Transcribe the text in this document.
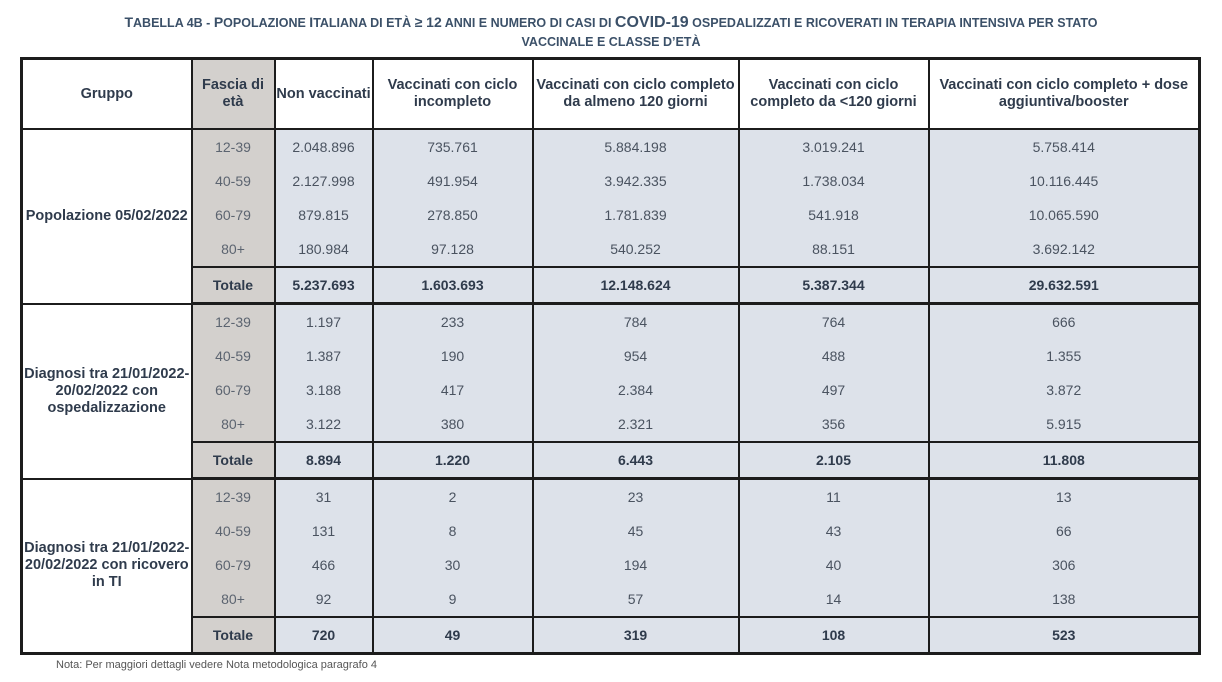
TABELLA 4B - POPOLAZIONE ITALIANA DI ETÀ ≥ 12 ANNI E NUMERO DI CASI DI COVID-19 OSPEDALIZZATI E RICOVERATI IN TERAPIA INTENSIVA PER STATO
VACCINALE E CLASSE D’ETÀ
Gruppo	Fascia di età	Non vaccinati	Vaccinati con ciclo incompleto	Vaccinati con ciclo completo da almeno 120 giorni	Vaccinati con ciclo completo da <120 giorni	Vaccinati con ciclo completo + dose aggiuntiva/booster
Popolazione 05/02/2022	12-39	2.048.896	735.761	5.884.198	3.019.241	5.758.414
	40-59	2.127.998	491.954	3.942.335	1.738.034	10.116.445
	60-79	879.815	278.850	1.781.839	541.918	10.065.590
	80+	180.984	97.128	540.252	88.151	3.692.142
	Totale	5.237.693	1.603.693	12.148.624	5.387.344	29.632.591
Diagnosi tra 21/01/2022- 20/02/2022 con ospedalizzazione	12-39	1.197	233	784	764	666
	40-59	1.387	190	954	488	1.355
	60-79	3.188	417	2.384	497	3.872
	80+	3.122	380	2.321	356	5.915
	Totale	8.894	1.220	6.443	2.105	11.808
Diagnosi tra 21/01/2022- 20/02/2022 con ricovero in TI	12-39	31	2	23	11	13
	40-59	131	8	45	43	66
	60-79	466	30	194	40	306
	80+	92	9	57	14	138
	Totale	720	49	319	108	523
Nota: Per maggiori dettagli vedere Nota metodologica paragrafo 4
